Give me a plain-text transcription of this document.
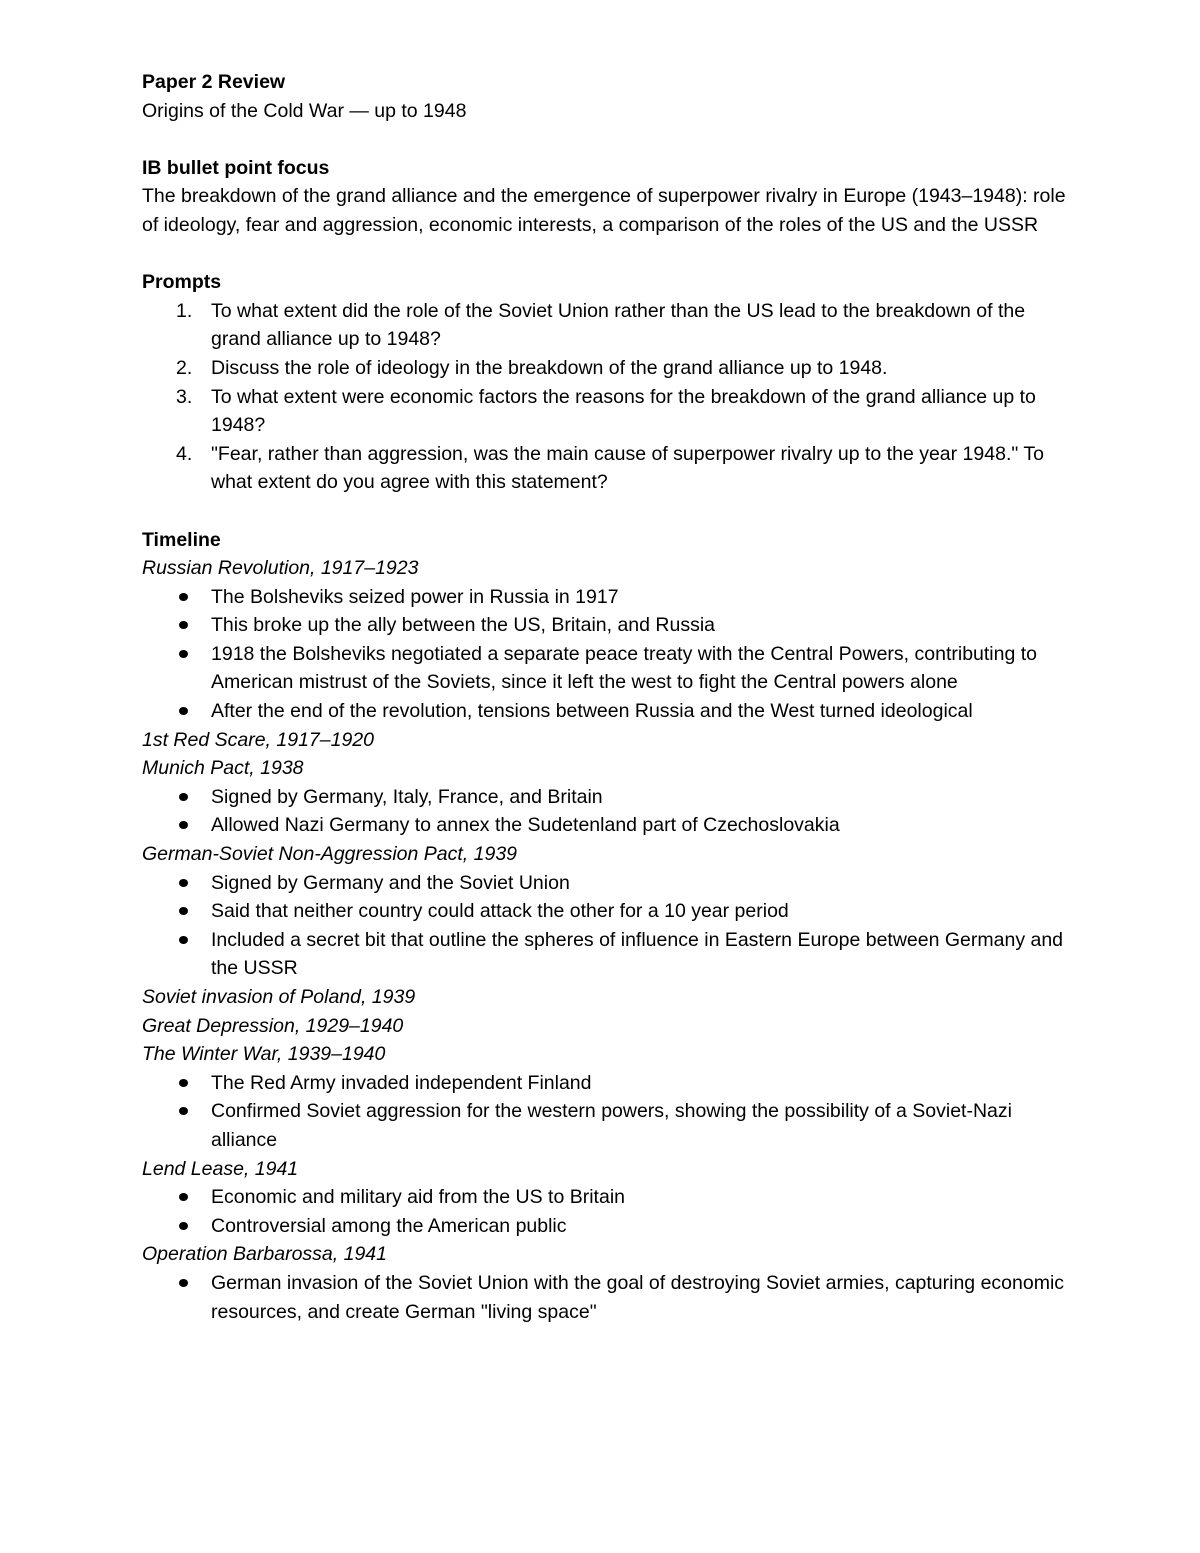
Paper 2 Review

Origins of the Cold War — up to 1948

IB bullet point focus

The breakdown of the grand alliance and the emergence of superpower rivalry in Europe (1943–1948): role of ideology, fear and aggression, economic interests, a comparison of the roles of the US and the USSR

Prompts

1. To what extent did the role of the Soviet Union rather than the US lead to the breakdown of the grand alliance up to 1948?
2. Discuss the role of ideology in the breakdown of the grand alliance up to 1948.
3. To what extent were economic factors the reasons for the breakdown of the grand alliance up to 1948?
4. "Fear, rather than aggression, was the main cause of superpower rivalry up to the year 1948." To what extent do you agree with this statement?

Timeline

Russian Revolution, 1917–1923

The Bolsheviks seized power in Russia in 1917
This broke up the ally between the US, Britain, and Russia
1918 the Bolsheviks negotiated a separate peace treaty with the Central Powers, contributing to American mistrust of the Soviets, since it left the west to fight the Central powers alone
After the end of the revolution, tensions between Russia and the West turned ideological

1st Red Scare, 1917–1920

Munich Pact, 1938

Signed by Germany, Italy, France, and Britain
Allowed Nazi Germany to annex the Sudetenland part of Czechoslovakia

German-Soviet Non-Aggression Pact, 1939

Signed by Germany and the Soviet Union
Said that neither country could attack the other for a 10 year period
Included a secret bit that outline the spheres of influence in Eastern Europe between Germany and the USSR

Soviet invasion of Poland, 1939

Great Depression, 1929–1940

The Winter War, 1939–1940

The Red Army invaded independent Finland
Confirmed Soviet aggression for the western powers, showing the possibility of a Soviet-Nazi alliance

Lend Lease, 1941

Economic and military aid from the US to Britain
Controversial among the American public

Operation Barbarossa, 1941

German invasion of the Soviet Union with the goal of destroying Soviet armies, capturing economic resources, and create German "living space"
